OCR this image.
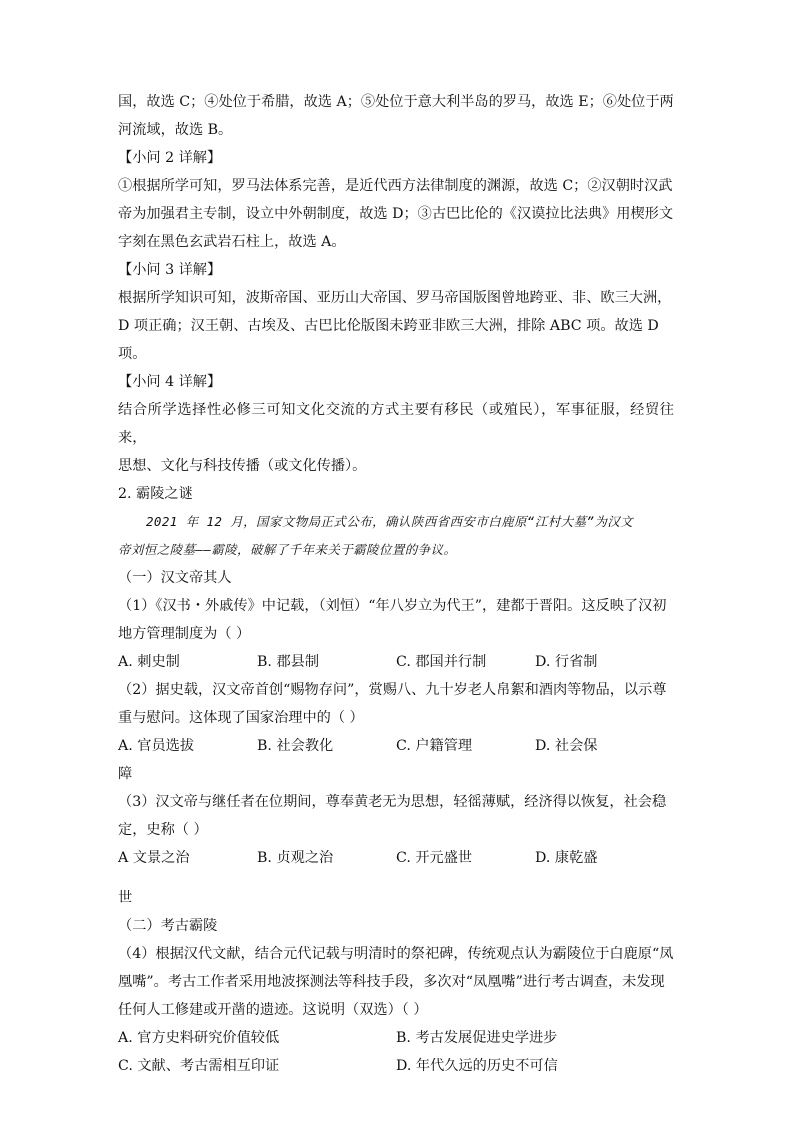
国，故选 C；④处位于希腊，故选 A；⑤处位于意大利半岛的罗马，故选 E；⑥处位于两

河流域，故选 B。

【小问 2 详解】

①根据所学可知，罗马法体系完善，是近代西方法律制度的渊源，故选 C；②汉朝时汉武

帝为加强君主专制，设立中外朝制度，故选 D；③古巴比伦的《汉谟拉比法典》用楔形文

字刻在黑色玄武岩石柱上，故选 A。

【小问 3 详解】

根据所学知识可知，波斯帝国、亚历山大帝国、罗马帝国版图曾地跨亚、非、欧三大洲，

D 项正确；汉王朝、古埃及、古巴比伦版图未跨亚非欧三大洲，排除 ABC 项。故选 D

项。

【小问 4 详解】

结合所学选择性必修三可知文化交流的方式主要有移民（或殖民），军事征服，经贸往来，

思想、文化与科技传播（或文化传播）。

2. 霸陵之谜

2021 年 12 月，国家文物局正式公布，确认陕西省西安市白鹿原“江村大墓”为汉文

帝刘恒之陵墓——霸陵，破解了千年来关于霸陵位置的争议。

（一）汉文帝其人

（1）《汉书・外戚传》中记载，（刘恒）“年八岁立为代王”，建都于晋阳。这反映了汉初

地方管理制度为（ ）

A. 刺史制	B. 郡县制	C. 郡国并行制	D. 行省制

（2）据史载，汉文帝首创“赐物存问”，赏赐八、九十岁老人帛絮和酒肉等物品，以示尊

重与慰问。这体现了国家治理中的（ ）

A. 官员选拔	B. 社会教化	C. 户籍管理	D. 社会保

障

（3）汉文帝与继任者在位期间，尊奉黄老无为思想，轻徭薄赋，经济得以恢复，社会稳

定，史称（ ）

A 文景之治	B. 贞观之治	C. 开元盛世	D. 康乾盛

世

（二）考古霸陵

（4）根据汉代文献，结合元代记载与明清时的祭祀碑，传统观点认为霸陵位于白鹿原“凤

凰嘴”。考古工作者采用地波探测法等科技手段，多次对“凤凰嘴”进行考古调查，未发现

任何人工修建或开凿的遗迹。这说明（双选）（ ）

A. 官方史料研究价值较低	B. 考古发展促进史学进步
C. 文献、考古需相互印证	D. 年代久远的历史不可信
